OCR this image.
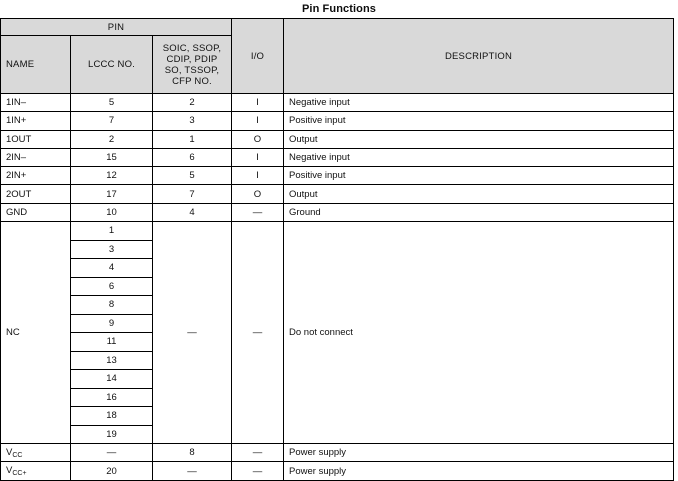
Pin Functions
PIN			I/O	DESCRIPTION
NAME	LCCC NO.	SOIC, SSOP,
CDIP, PDIP
SO, TSSOP,
CFP NO.		

1IN–	5	2	I	Negative input
1IN+	7	3	I	Positive input
1OUT	2	1	O	Output
2IN–	15	6	I	Negative input
2IN+	12	5	I	Positive input
2OUT	17	7	O	Output
GND	10	4	—	Ground
NC	1	—	—	Do not connect
	3			
	4			
	6			
	8			
	9			
	11			
	13			
	14			
	16			
	18			
	19			
$V_{CC}$	—	8	—	Power supply
$V_{CC+}$	20	—	—	Power supply
